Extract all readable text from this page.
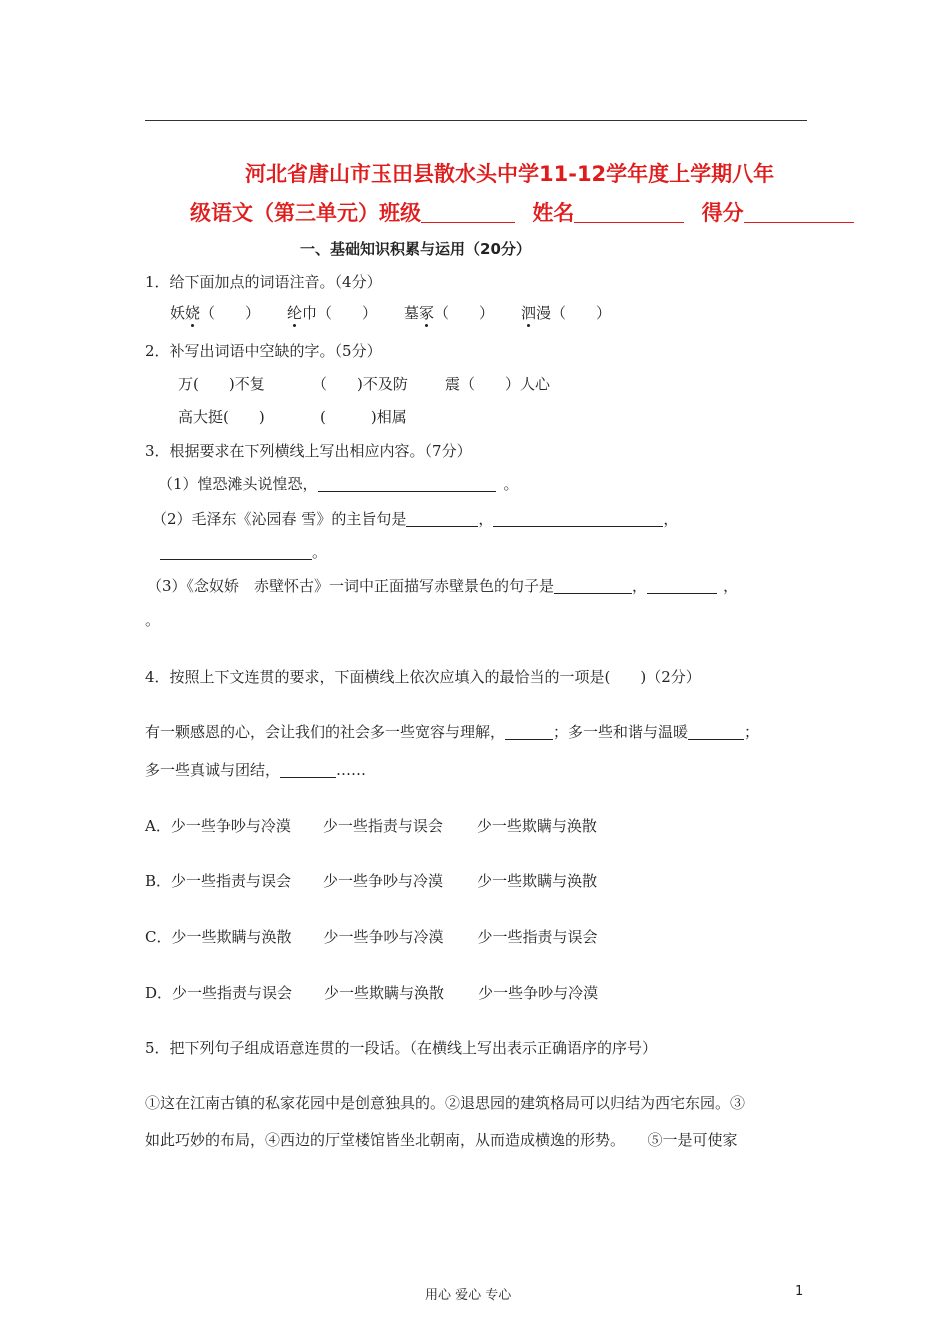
河北省唐山市玉田县散水头中学11-12学年度上学期八年
级语文（第三单元）班级	姓名	得分
一、基础知识积累与运用（20分）
1．给下面加点的词语注音。（4分）
妖娆（　　） 纶巾（　　） 墓冢（　　） 泗漫（　　）
2．补写出词语中空缺的字。（5分）
万(　　)不复	（　　)不及防 震（　　）人心
高大挺(　　)	(　　　)相属
3．根据要求在下列横线上写出相应内容。（7分）
（1）惶恐滩头说惶恐，	。
（2）毛泽东《沁园春 雪》的主旨句是	，	，
。
（3）《念奴娇　赤壁怀古》一词中正面描写赤壁景色的句子是	，	，
。
4．按照上下文连贯的要求，下面横线上依次应填入的最恰当的一项是(　　)（2分）
有一颗感恩的心，会让我们的社会多一些宽容与理解，	；多一些和谐与温暖	；
多一些真诚与团结，	……
A．少一些争吵与冷漠 少一些指责与误会 少一些欺瞒与涣散
B．少一些指责与误会 少一些争吵与冷漠 少一些欺瞒与涣散
C．少一些欺瞒与涣散 少一些争吵与冷漠 少一些指责与误会
D．少一些指责与误会 少一些欺瞒与涣散 少一些争吵与冷漠
5．把下列句子组成语意连贯的一段话。（在横线上写出表示正确语序的序号）
①这在江南古镇的私家花园中是创意独具的。②退思园的建筑格局可以归结为西宅东园。③
如此巧妙的布局，④西边的厅堂楼馆皆坐北朝南，从而造成横逸的形势。　　⑤一是可使家
用心 爱心 专心	1
